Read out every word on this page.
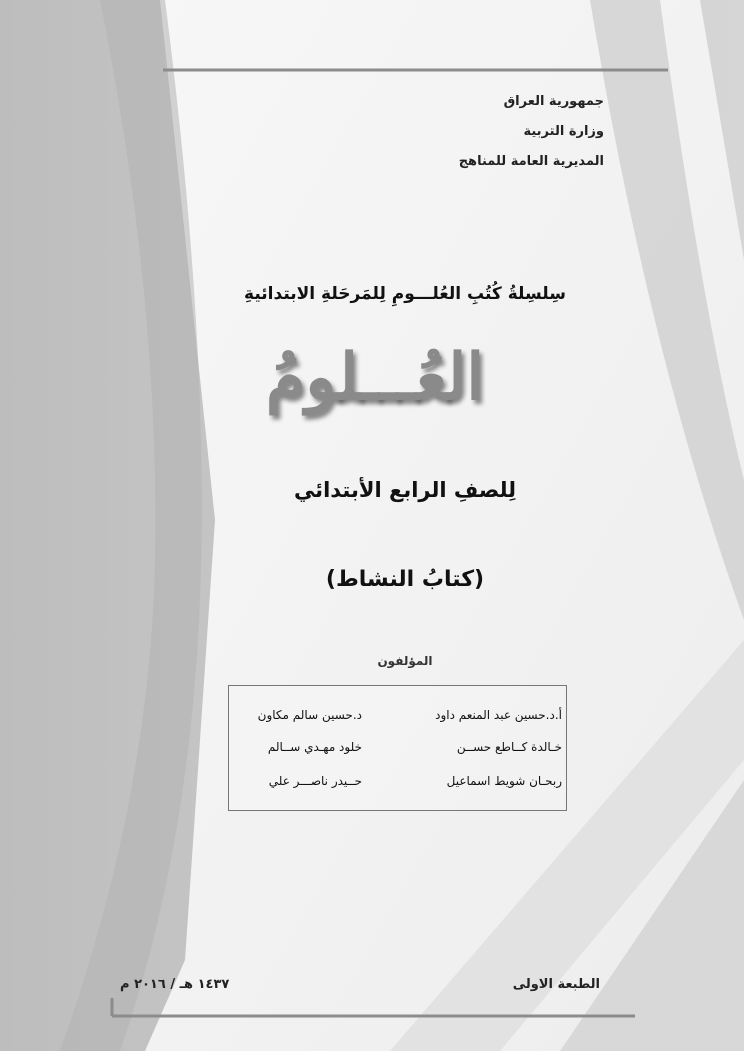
جمهورية العراق
وزارة التربية
المديرية العامة للمناهج
سِلسِلةُ كُتُبِ العُلـــومِ لِلمَرحَلةِ الابتدائيةِ
العُـــلومُ
لِلصفِ الرابع الأبتدائي
(كتابُ النشاط)
المؤلفون
أ.د.حسين عبد المنعم داود
د.حسين سالم مكاون
خـالدة كــاطع حســن
خلود مهـدي ســالم
ربحـان شويط اسماعيل
حــيدر ناصـــر علي
الطبعة الاولى
١٤٣٧ هـ / ٢٠١٦ م
